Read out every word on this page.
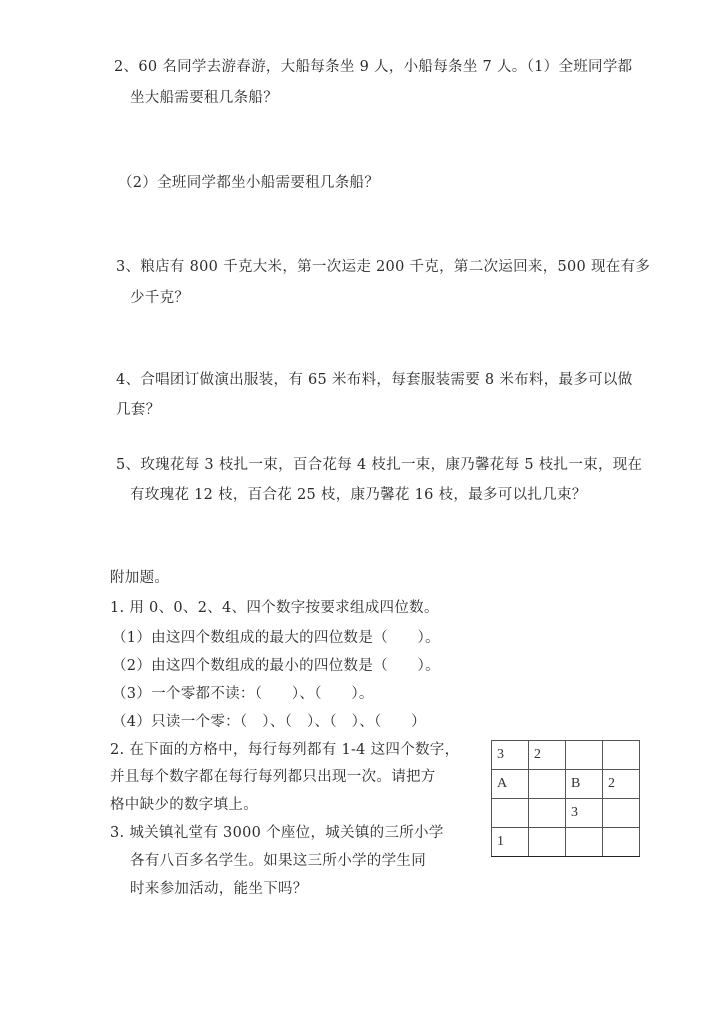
2、60 名同学去游春游，大船每条坐 9 人，小船每条坐 7 人。（1）全班同学都
坐大船需要租几条船？
（2）全班同学都坐小船需要租几条船？
3、粮店有 800 千克大米，第一次运走 200 千克，第二次运回来，500 现在有多
少千克？
4、合唱团订做演出服装，有 65 米布料，每套服装需要 8 米布料，最多可以做
几套？
5、玫瑰花每 3 枝扎一束，百合花每 4 枝扎一束，康乃馨花每 5 枝扎一束，现在
有玫瑰花 12 枝，百合花 25 枝，康乃馨花 16 枝，最多可以扎几束？
附加题。
1. 用 0、0、2、4、四个数字按要求组成四位数。
（1）由这四个数组成的最大的四位数是（　　）。
（2）由这四个数组成的最小的四位数是（　　）。
（3）一个零都不读：（　　）、（　　）。
（4）只读一个零：（　）、（　）、（　）、（　　）
2. 在下面的方格中，每行每列都有 1-4 这四个数字，
并且每个数字都在每行每列都只出现一次。请把方
格中缺少的数字填上。
3. 城关镇礼堂有 3000 个座位，城关镇的三所小学
各有八百多名学生。如果这三所小学的学生同
时来参加活动，能坐下吗？
3	2		
A		B	2
		3	
1			
